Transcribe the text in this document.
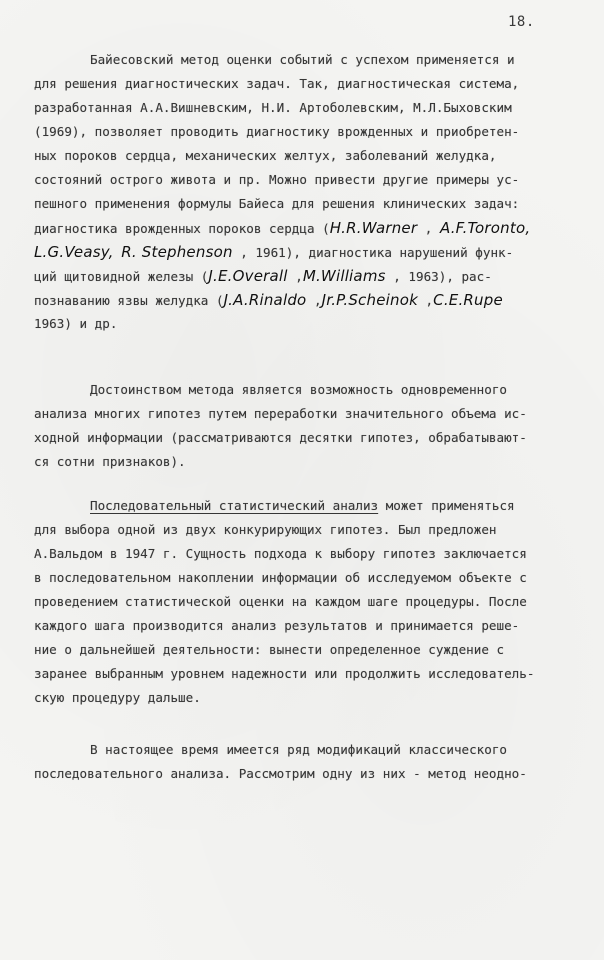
18.
Байесовский метод оценки событий с успехом применяется и
для решения диагностических задач. Так, диагностическая система,
разработанная А.А.Вишневским, Н.И. Артоболевским, М.Л.Быховским
(1969), позволяет проводить диагностику врожденных и приобретен-
ных пороков сердца, механических желтух, заболеваний желудка,
состояний острого живота и пр. Можно привести другие примеры ус-
пешного применения формулы Байеса для решения клинических задач:
диагностика врожденных пороков сердца (H.R.Warner , A.F.Toronto,
L.G.Veasy, R. Stephenson , 1961), диагностика нарушений функ-
ций щитовидной железы (J.E.Overall ,M.Williams , 1963), рас-
познаванию язвы желудка (J.A.Rinaldo ,Jr.P.Scheinok ,C.E.Rupe
1963) и др.
Достоинством метода является возможность одновременного
анализа многих гипотез путем переработки значительного объема ис-
ходной информации (рассматриваются десятки гипотез, обрабатывают-
ся сотни признаков).
Последовательный статистический анализ может применяться
для выбора одной из двух конкурирующих гипотез. Был предложен
А.Вальдом в 1947 г. Сущность подхода к выбору гипотез заключается
в последовательном накоплении информации об исследуемом объекте с
проведением статистической оценки на каждом шаге процедуры. После
каждого шага производится анализ результатов и принимается реше-
ние о дальнейшей деятельности: вынести определенное суждение с
заранее выбранным уровнем надежности или продолжить исследователь-
скую процедуру дальше.
В настоящее время имеется ряд модификаций классического
последовательного анализа. Рассмотрим одну из них - метод неодно-
